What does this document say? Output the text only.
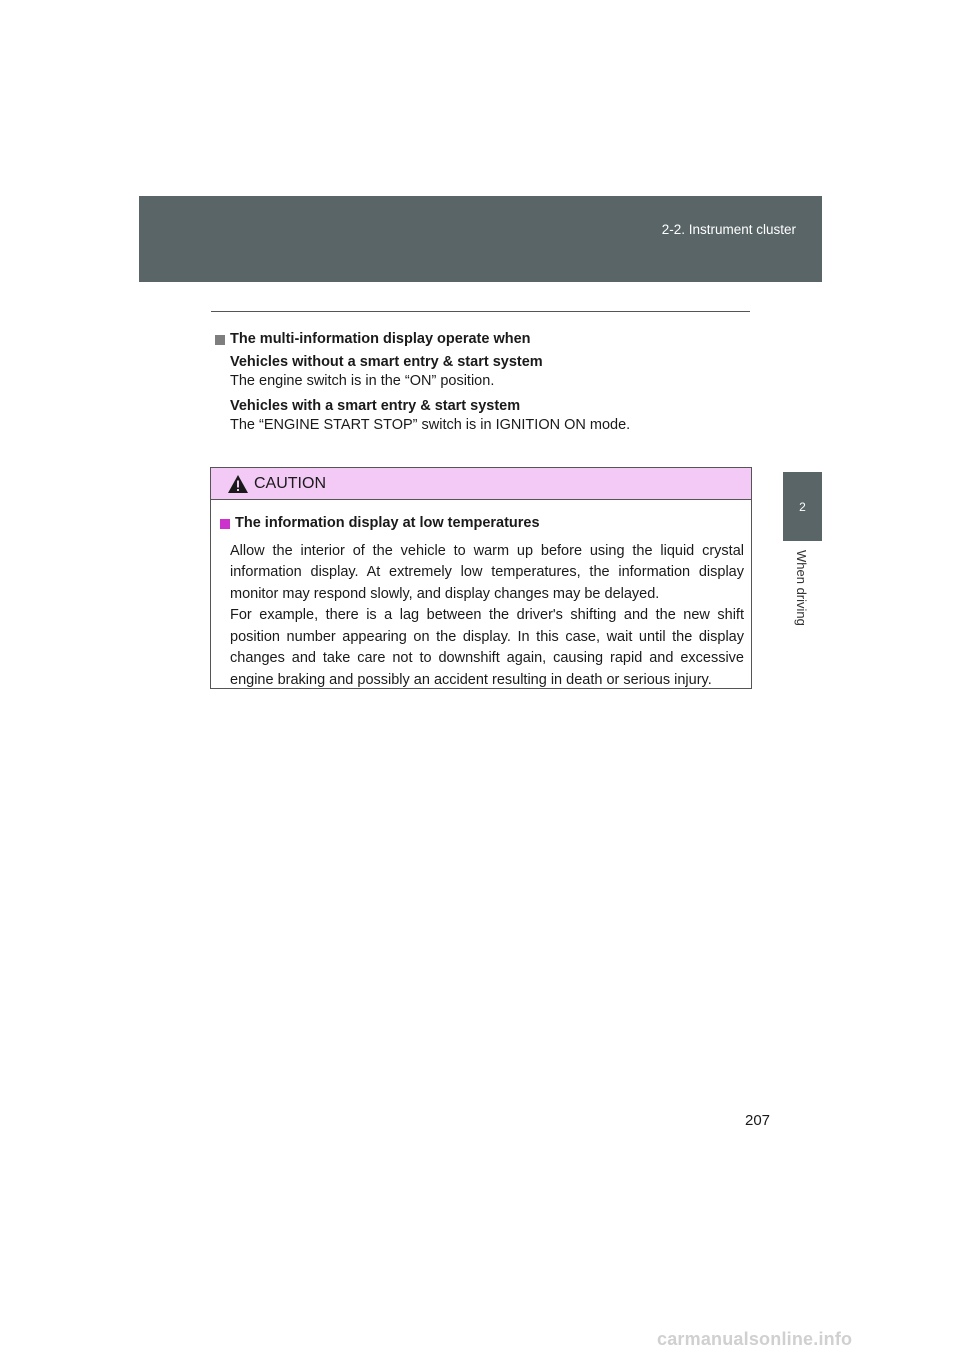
2-2. Instrument cluster
2
When driving
The multi-information display operate when
Vehicles without a smart entry & start system
The engine switch is in the “ON” position.
Vehicles with a smart entry & start system
The “ENGINE START STOP” switch is in IGNITION ON mode.
CAUTION
The information display at low temperatures

Allow the interior of the vehicle to warm up before using the liquid crystal information display. At extremely low temperatures, the information display monitor may respond slowly, and display changes may be delayed.

For example, there is a lag between the driver's shifting and the new shift position number appearing on the display. In this case, wait until the display changes and take care not to downshift again, causing rapid and excessive engine braking and possibly an accident resulting in death or serious injury.

207
carmanualsonline.info
